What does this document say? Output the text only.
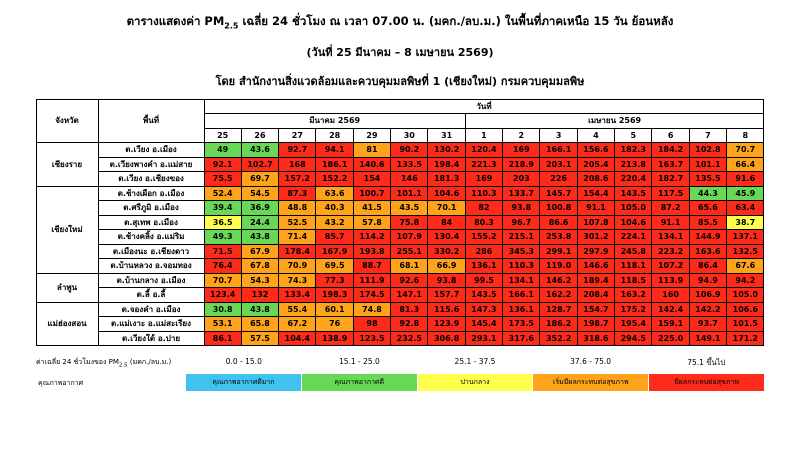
ตารางแสดงค่า $PM_{2.5}$ เฉลี่ย 24 ชั่วโมง ณ เวลา 07.00 น. (มคก./ลบ.ม.) ในพื้นที่ภาคเหนือ 15 วัน ย้อนหลัง
(วันที่ 25 มีนาคม – 8 เมษายน 2569)
โดย สำนักงานสิ่งแวดล้อมและควบคุมมลพิษที่ 1 (เชียงใหม่) กรมควบคุมมลพิษ
จังหวัด	พื้นที่	วันที่														
		มีนาคม 2569							เมษายน 2569							
		25	26	27	28	29	30	31	1	2	3	4	5	6	7	8
เชียงราย	ต.เวียง อ.เมือง	49	43.6	92.7	94.1	81	90.2	130.2	120.4	169	166.1	156.6	182.3	184.2	102.8	70.7
	ต.เวียงพางคำ อ.แม่สาย	92.1	102.7	168	186.1	140.6	133.5	198.4	221.3	218.9	203.1	205.4	213.8	163.7	101.1	66.4
	ต.เวียง อ.เชียงของ	75.5	69.7	157.2	152.2	154	146	181.3	169	203	226	208.6	220.4	182.7	135.5	91.6
เชียงใหม่	ต.ช้างเผือก อ.เมือง	52.4	54.5	87.3	63.6	100.7	101.1	104.6	110.3	133.7	145.7	154.4	143.5	117.5	44.3	45.9
	ต.ศรีภูมิ อ.เมือง	39.4	36.9	48.8	40.3	41.5	43.5	70.1	82	93.8	100.8	91.1	105.0	87.2	65.6	63.4
	ต.สุเทพ อ.เมือง	36.5	24.4	52.5	43.2	57.8	75.8	84	80.3	96.7	86.6	107.8	104.6	91.1	85.5	38.7
	ต.ช้างคลิ้ง อ.แม่ริม	49.3	43.8	71.4	85.7	114.2	107.9	130.4	155.2	215.1	253.8	301.2	224.1	134.1	144.9	137.1
	ต.เมืองนะ อ.เชียงดาว	71.5	67.9	178.4	167.9	193.8	255.1	330.2	286	345.3	299.1	297.9	245.8	223.2	163.6	132.5
	ต.บ้านหลวง อ.จอมทอง	76.4	67.8	70.9	69.5	88.7	68.1	66.9	136.1	110.3	119.0	146.6	118.1	107.2	86.4	67.6
ลำพูน	ต.บ้านกลาง อ.เมือง	70.7	54.3	74.3	77.3	111.9	92.6	93.8	99.5	134.1	146.2	189.4	118.5	113.9	94.9	94.2
	ต.ลี้ อ.ลี้	123.4	132	133.4	198.3	174.5	147.1	157.7	143.5	166.1	162.2	208.4	163.2	160	106.9	105.0
แม่ฮ่องสอน	ต.จองคำ อ.เมือง	30.8	43.8	55.4	60.1	74.8	81.3	115.6	147.3	136.1	128.7	154.7	175.2	142.4	142.2	106.6
	ต.แม่เงาะ อ.แม่สะเรียง	53.1	65.8	67.2	76	98	92.8	123.9	145.4	173.5	186.2	198.7	195.4	159.1	93.7	101.5
	ต.เวียงใต้ อ.ปาย	86.1	57.5	104.4	138.9	123.5	232.5	306.8	293.1	317.6	352.2	318.6	294.5	225.0	149.1	171.2
ค่าเฉลี่ย 24 ชั่วโมงของ $PM_{2.5}$ (มคก./ลบ.ม.)	0.0 - 15.0	15.1 - 25.0	25.1 - 37.5	37.6 - 75.0	75.1 ขึ้นไป
คุณภาพอากาศ	คุณภาพอากาศดีมาก	คุณภาพอากาศดี	ปานกลาง	เริ่มมีผลกระทบต่อสุขภาพ	มีผลกระทบต่อสุขภาพ
